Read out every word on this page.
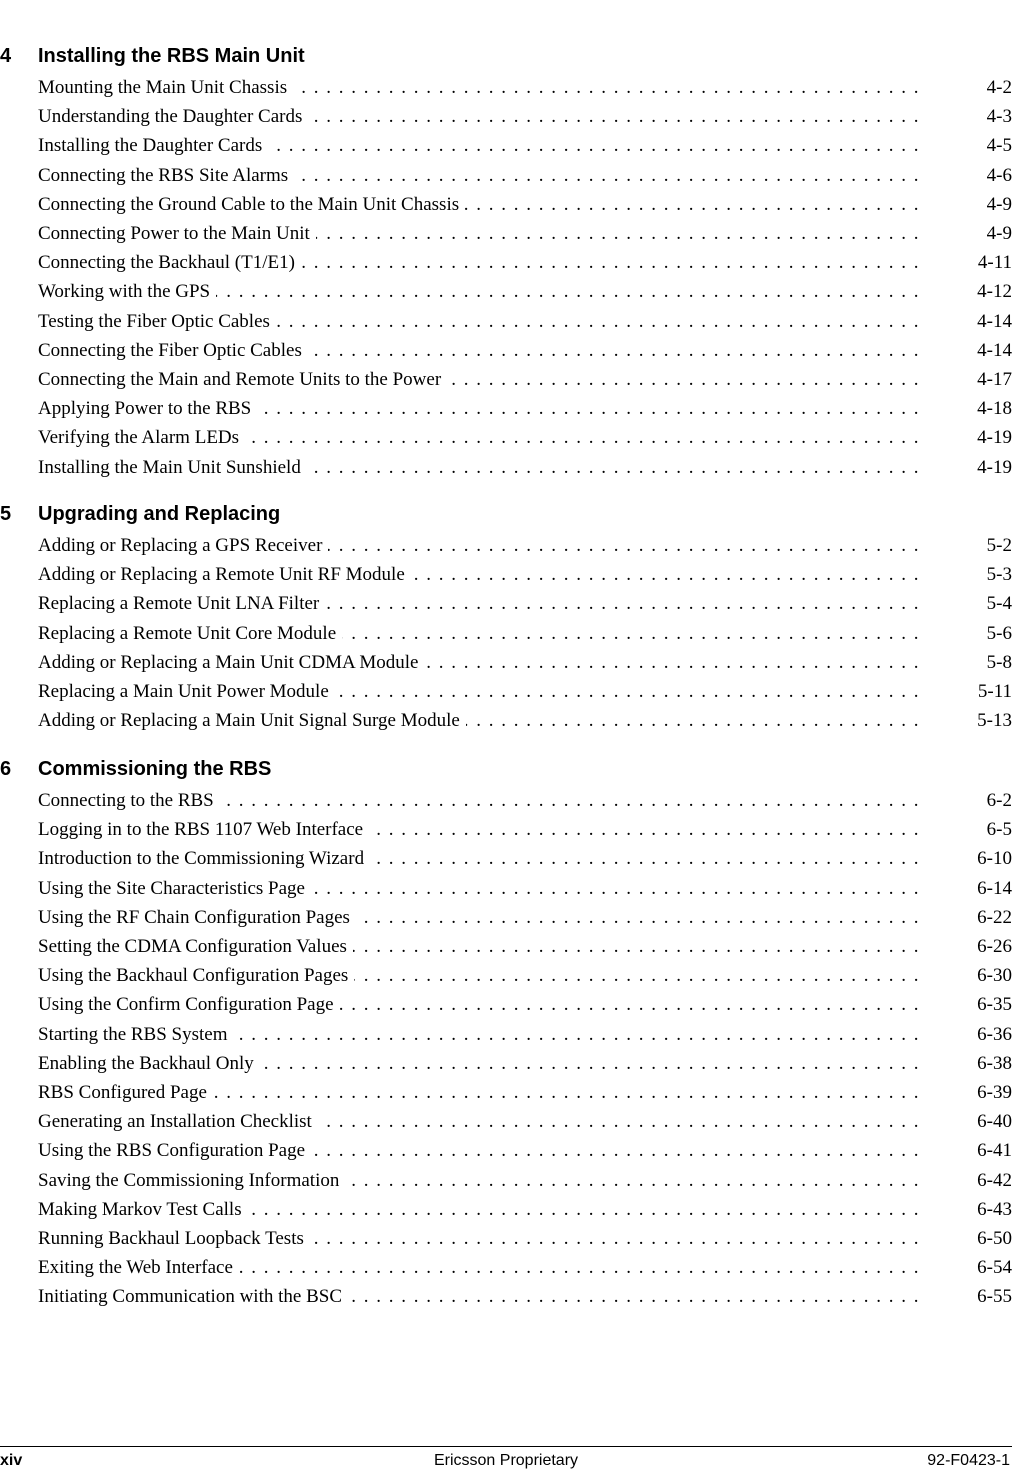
4 Installing the RBS Main Unit
Mounting the Main Unit Chassis . . .	4-2
Understanding the Daughter Cards . . .	4-3
Installing the Daughter Cards . . .	4-5
Connecting the RBS Site Alarms . . .	4-6
Connecting the Ground Cable to the Main Unit Chassis . . .	4-9
Connecting Power to the Main Unit . . .	4-9
Connecting the Backhaul (T1/E1) . . .	4-11
Working with the GPS . . .	4-12
Testing the Fiber Optic Cables . . .	4-14
Connecting the Fiber Optic Cables . . .	4-14
Connecting the Main and Remote Units to the Power . . .	4-17
Applying Power to the RBS . . .	4-18
Verifying the Alarm LEDs . . .	4-19
Installing the Main Unit Sunshield . . .	4-19
5 Upgrading and Replacing
Adding or Replacing a GPS Receiver . . .	5-2
Adding or Replacing a Remote Unit RF Module . . .	5-3
Replacing a Remote Unit LNA Filter . . .	5-4
Replacing a Remote Unit Core Module . . .	5-6
Adding or Replacing a Main Unit CDMA Module . . .	5-8
Replacing a Main Unit Power Module . . .	5-11
Adding or Replacing a Main Unit Signal Surge Module . . .	5-13
6 Commissioning the RBS
Connecting to the RBS . . .	6-2
Logging in to the RBS 1107 Web Interface . . .	6-5
Introduction to the Commissioning Wizard . . .	6-10
Using the Site Characteristics Page . . .	6-14
Using the RF Chain Configuration Pages . . .	6-22
Setting the CDMA Configuration Values . . .	6-26
Using the Backhaul Configuration Pages . . .	6-30
Using the Confirm Configuration Page . . .	6-35
Starting the RBS System . . .	6-36
Enabling the Backhaul Only . . .	6-38
RBS Configured Page . . .	6-39
Generating an Installation Checklist . . .	6-40
Using the RBS Configuration Page . . .	6-41
Saving the Commissioning Information . . .	6-42
Making Markov Test Calls . . .	6-43
Running Backhaul Loopback Tests . . .	6-50
Exiting the Web Interface . . .	6-54
Initiating Communication with the BSC . . .	6-55
xiv	Ericsson Proprietary	92-F0423-1
